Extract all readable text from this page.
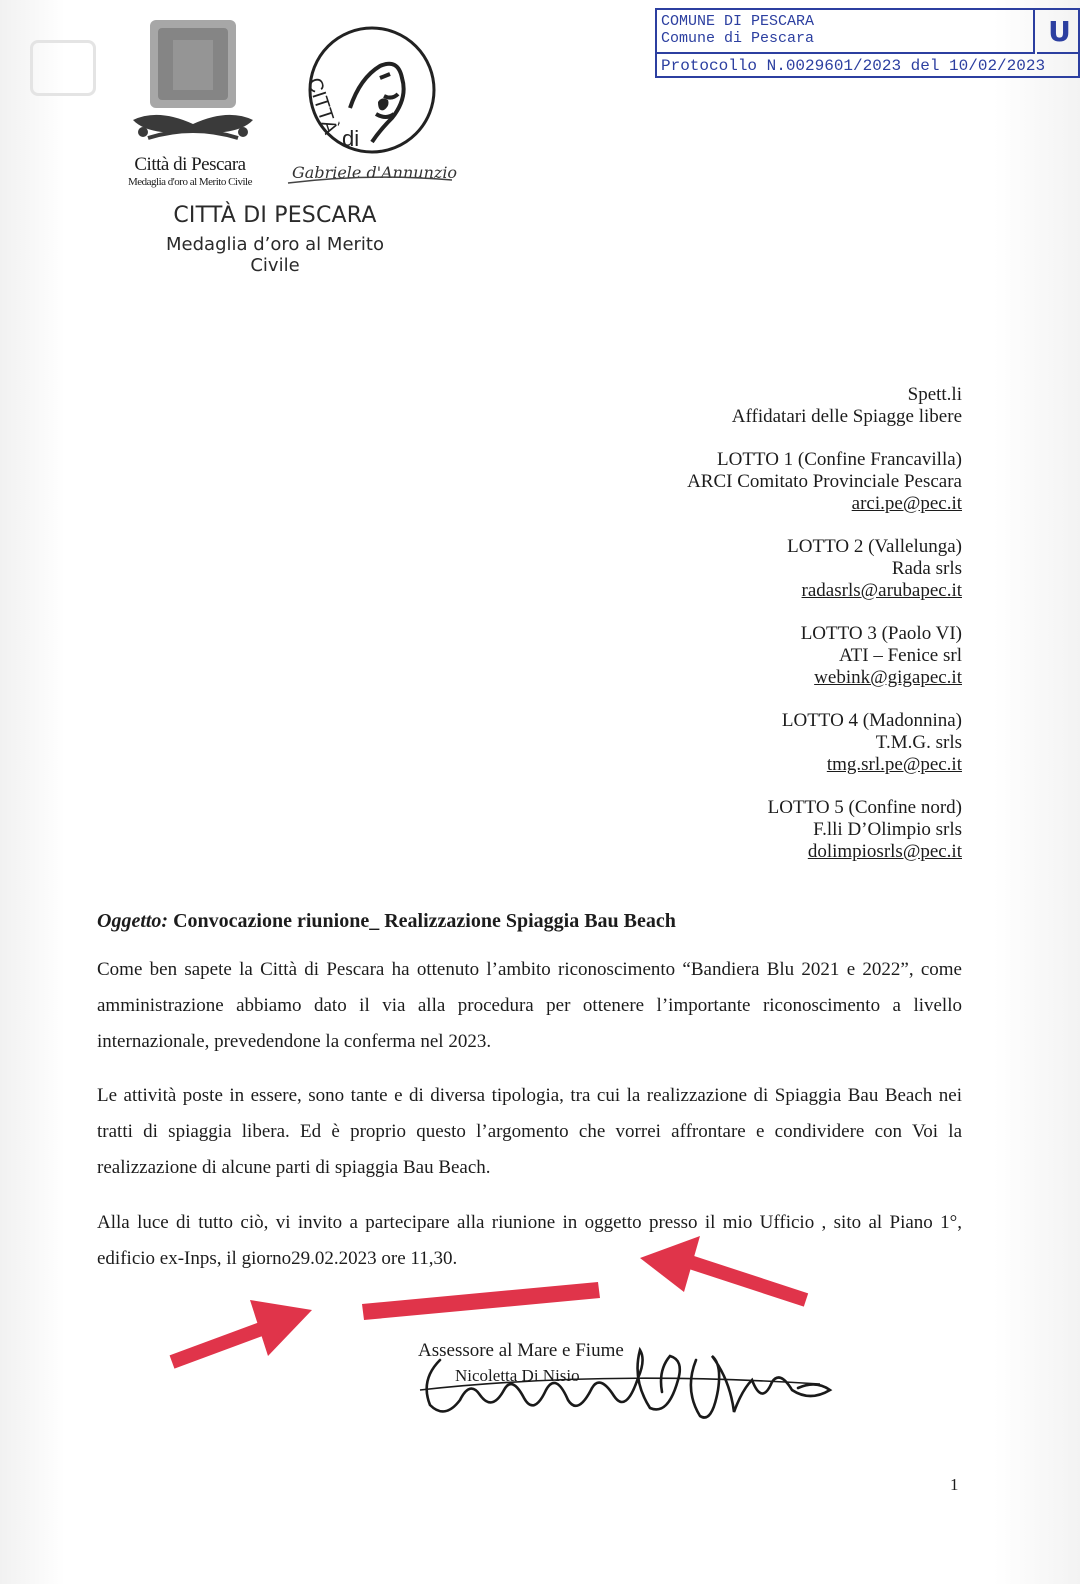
Città di Pescara
Medaglia d'oro al Merito Civile
CITTÀ
di
Gabriele d'Annunzio
CITTÀ DI PESCARA
Medaglia d’oro al Merito Civile
COMUNE DI PESCARA
Comune di Pescara	U
Protocollo N.0029601/2023 del 10/02/2023
Spett.li
Affidatari delle Spiagge libere
LOTTO 1 (Confine Francavilla)
ARCI Comitato Provinciale Pescara
arci.pe@pec.it
LOTTO 2 (Vallelunga)
Rada srls
radasrls@arubapec.it
LOTTO 3 (Paolo VI)
ATI – Fenice srl
webink@gigapec.it
LOTTO 4 (Madonnina)
T.M.G. srls
tmg.srl.pe@pec.it
LOTTO 5 (Confine nord)
F.lli D’Olimpio srls
dolimpiosrls@pec.it
Oggetto: Convocazione riunione_ Realizzazione Spiaggia Bau Beach
Come ben sapete la Città di Pescara ha ottenuto l’ambito riconoscimento “Bandiera Blu 2021 e 2022”, come amministrazione abbiamo dato il via alla procedura per ottenere l’importante riconoscimento a livello internazionale, prevedendone la conferma nel 2023.
Le attività poste in essere, sono tante e di diversa tipologia, tra cui la realizzazione di Spiaggia Bau Beach nei tratti di spiaggia libera. Ed è proprio questo l’argomento che vorrei affrontare e condividere con Voi la realizzazione di alcune parti di spiaggia Bau Beach.
Alla luce di tutto ciò, vi invito a partecipare alla riunione in oggetto presso il mio Ufficio , sito al Piano 1°, edificio ex-Inps, il giorno29.02.2023 ore 11,30.
Assessore al Mare e Fiume
Nicoletta Di Nisio
1
